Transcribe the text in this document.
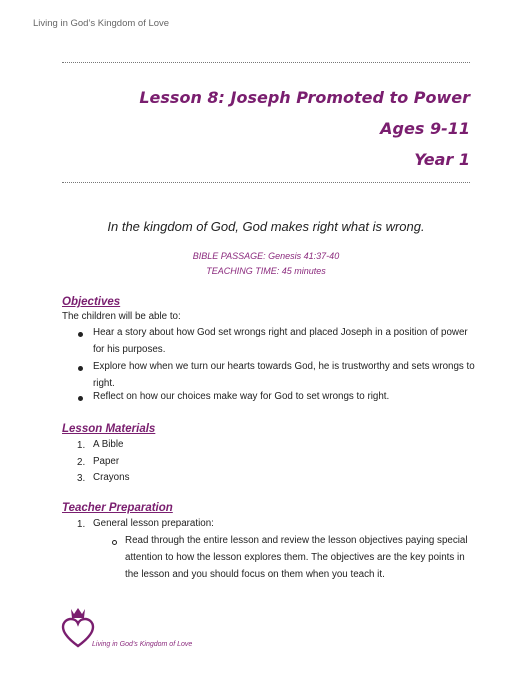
Living in God’s Kingdom of Love
Lesson 8: Joseph Promoted to Power
Ages 9-11
Year 1
In the kingdom of God, God makes right what is wrong.
BIBLE PASSAGE: Genesis 41:37-40
TEACHING TIME: 45 minutes
Objectives
The children will be able to:
Hear a story about how God set wrongs right and placed Joseph in a position of power
for his purposes.
Explore how when we turn our hearts towards God, he is trustworthy and sets wrongs to
right.
Reflect on how our choices make way for God to set wrongs to right.
Lesson Materials
1. A Bible
2. Paper
3. Crayons
Teacher Preparation
1. General lesson preparation:
Read through the entire lesson and review the lesson objectives paying special
attention to how the lesson explores them. The objectives are the key points in
the lesson and you should focus on them when you teach it.
Living in God’s Kingdom of Love
